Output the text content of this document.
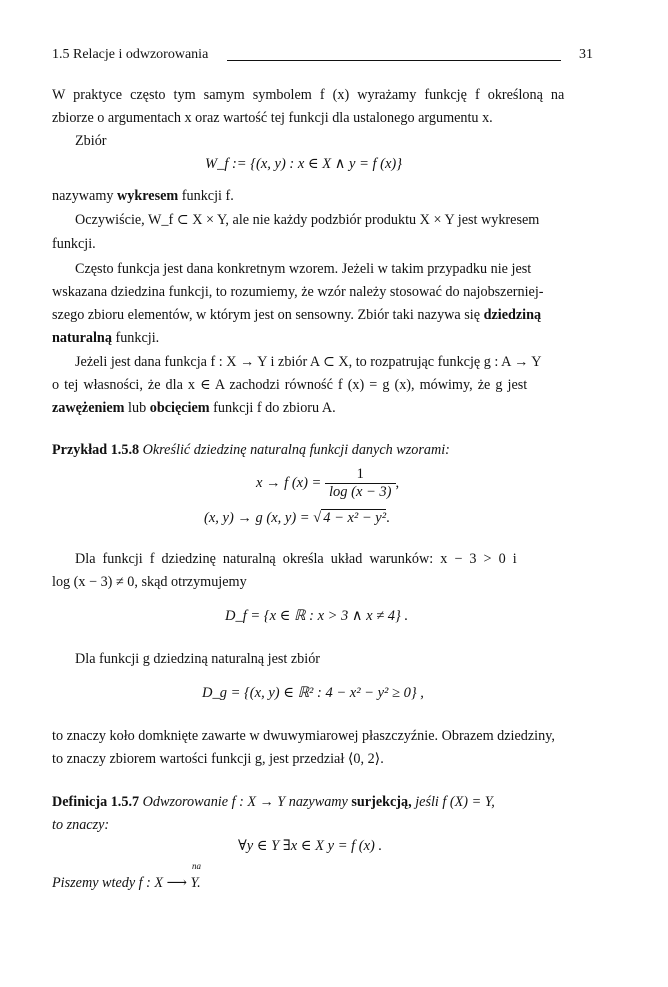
1.5 Relacje i odwzorowania	31
W praktyce często tym samym symbolem f (x) wyrażamy funkcję f określoną na
zbiorze o argumentach x oraz wartość tej funkcji dla ustalonego argumentu x.
Zbiór
W_f := {(x, y) : x ∈ X ∧ y = f (x)}
nazywamy wykresem funkcji f.
Oczywiście, W_f ⊂ X × Y, ale nie każdy podzbiór produktu X × Y jest wykresem
funkcji.
Często funkcja jest dana konkretnym wzorem. Jeżeli w takim przypadku nie jest
wskazana dziedzina funkcji, to rozumiemy, że wzór należy stosować do najobszerniej-
szego zbioru elementów, w którym jest on sensowny. Zbiór taki nazywa się dziedziną
naturalną funkcji.
Jeżeli jest dana funkcja f : X → Y i zbiór A ⊂ X, to rozpatrując funkcję g : A → Y
o tej własności, że dla x ∈ A zachodzi równość f (x) = g (x), mówimy, że g jest
zawężeniem lub obcięciem funkcji f do zbioru A.
Przykład 1.5.8 Określić dziedzinę naturalną funkcji danych wzorami:
x → f $(x) = \frac{1}{\log (x - 3)}$ ,
(x, y) → g (x, y) = √ 4 − x² − y².
Dla funkcji f dziedzinę naturalną określa układ warunków: x − 3 > 0 i
log (x − 3) ≠ 0, skąd otrzymujemy
D_f = {x ∈ ℝ : x > 3 ∧ x ≠ 4} .
Dla funkcji g dziedziną naturalną jest zbiór
D_g = {(x, y) ∈ ℝ² : 4 − x² − y² ≥ 0} ,
to znaczy koło domknięte zawarte w dwuwymiarowej płaszczyźnie. Obrazem dziedziny,
to znaczy zbiorem wartości funkcji g, jest przedział ⟨0, 2⟩.
Definicja 1.5.7 Odwzorowanie f : X → Y nazywamy surjekcją, jeśli f (X) = Y,
to znaczy:
∀y ∈ Y ∃x ∈ X y = f (x) .
Piszemy wtedy f : X ⟶ Y.
na
